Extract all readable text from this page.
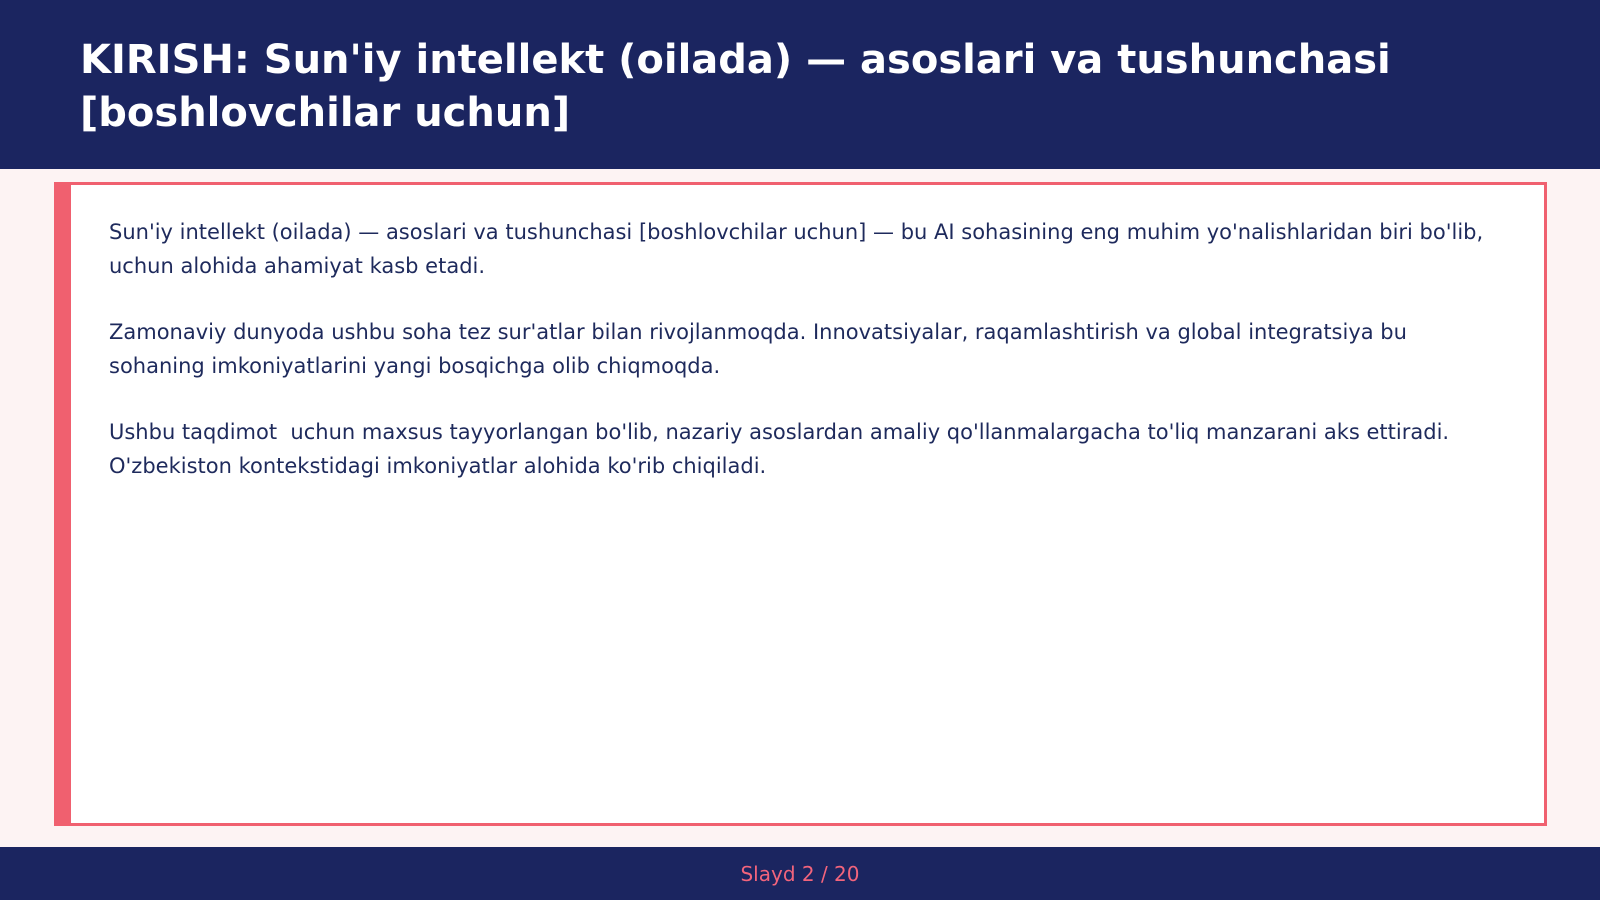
KIRISH: Sun'iy intellekt (oilada) — asoslari va tushunchasi [boshlovchilar uchun]

Sun'iy intellekt (oilada) — asoslari va tushunchasi [boshlovchilar uchun] — bu AI sohasining eng muhim yo'nalishlaridan biri bo'lib,  uchun alohida ahamiyat kasb etadi.

Zamonaviy dunyoda ushbu soha tez sur'atlar bilan rivojlanmoqda. Innovatsiyalar, raqamlashtirish va global integratsiya bu sohaning imkoniyatlarini yangi bosqichga olib chiqmoqda.

Ushbu taqdimot  uchun maxsus tayyorlangan bo'lib, nazariy asoslardan amaliy qo'llanmalargacha to'liq manzarani aks ettiradi. O'zbekiston kontekstidagi imkoniyatlar alohida ko'rib chiqiladi.

Slayd 2 / 20
